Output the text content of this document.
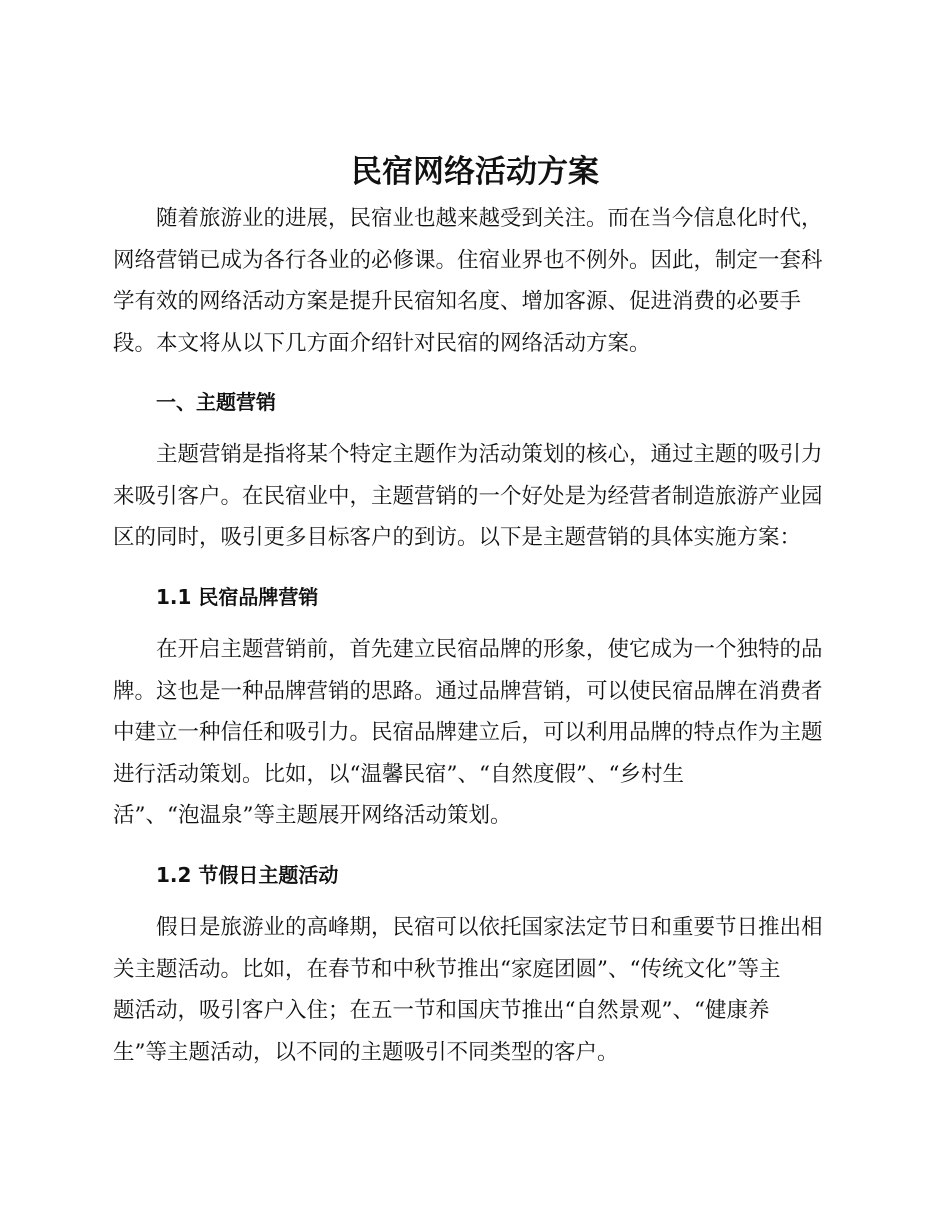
民宿网络活动方案
随着旅游业的进展，民宿业也越来越受到关注。而在当今信息化时代，
网络营销已成为各行各业的必修课。住宿业界也不例外。因此，制定一套科
学有效的网络活动方案是提升民宿知名度、增加客源、促进消费的必要手
段。本文将从以下几方面介绍针对民宿的网络活动方案。
一、主题营销
主题营销是指将某个特定主题作为活动策划的核心，通过主题的吸引力
来吸引客户。在民宿业中，主题营销的一个好处是为经营者制造旅游产业园
区的同时，吸引更多目标客户的到访。以下是主题营销的具体实施方案：
1.1 民宿品牌营销
在开启主题营销前，首先建立民宿品牌的形象，使它成为一个独特的品
牌。这也是一种品牌营销的思路。通过品牌营销，可以使民宿品牌在消费者
中建立一种信任和吸引力。民宿品牌建立后，可以利用品牌的特点作为主题
进行活动策划。比如，以“温馨民宿”、“自然度假”、“乡村生
活”、“泡温泉”等主题展开网络活动策划。
1.2 节假日主题活动
假日是旅游业的高峰期，民宿可以依托国家法定节日和重要节日推出相
关主题活动。比如，在春节和中秋节推出“家庭团圆”、“传统文化”等主
题活动，吸引客户入住；在五一节和国庆节推出“自然景观”、“健康养
生”等主题活动，以不同的主题吸引不同类型的客户。
